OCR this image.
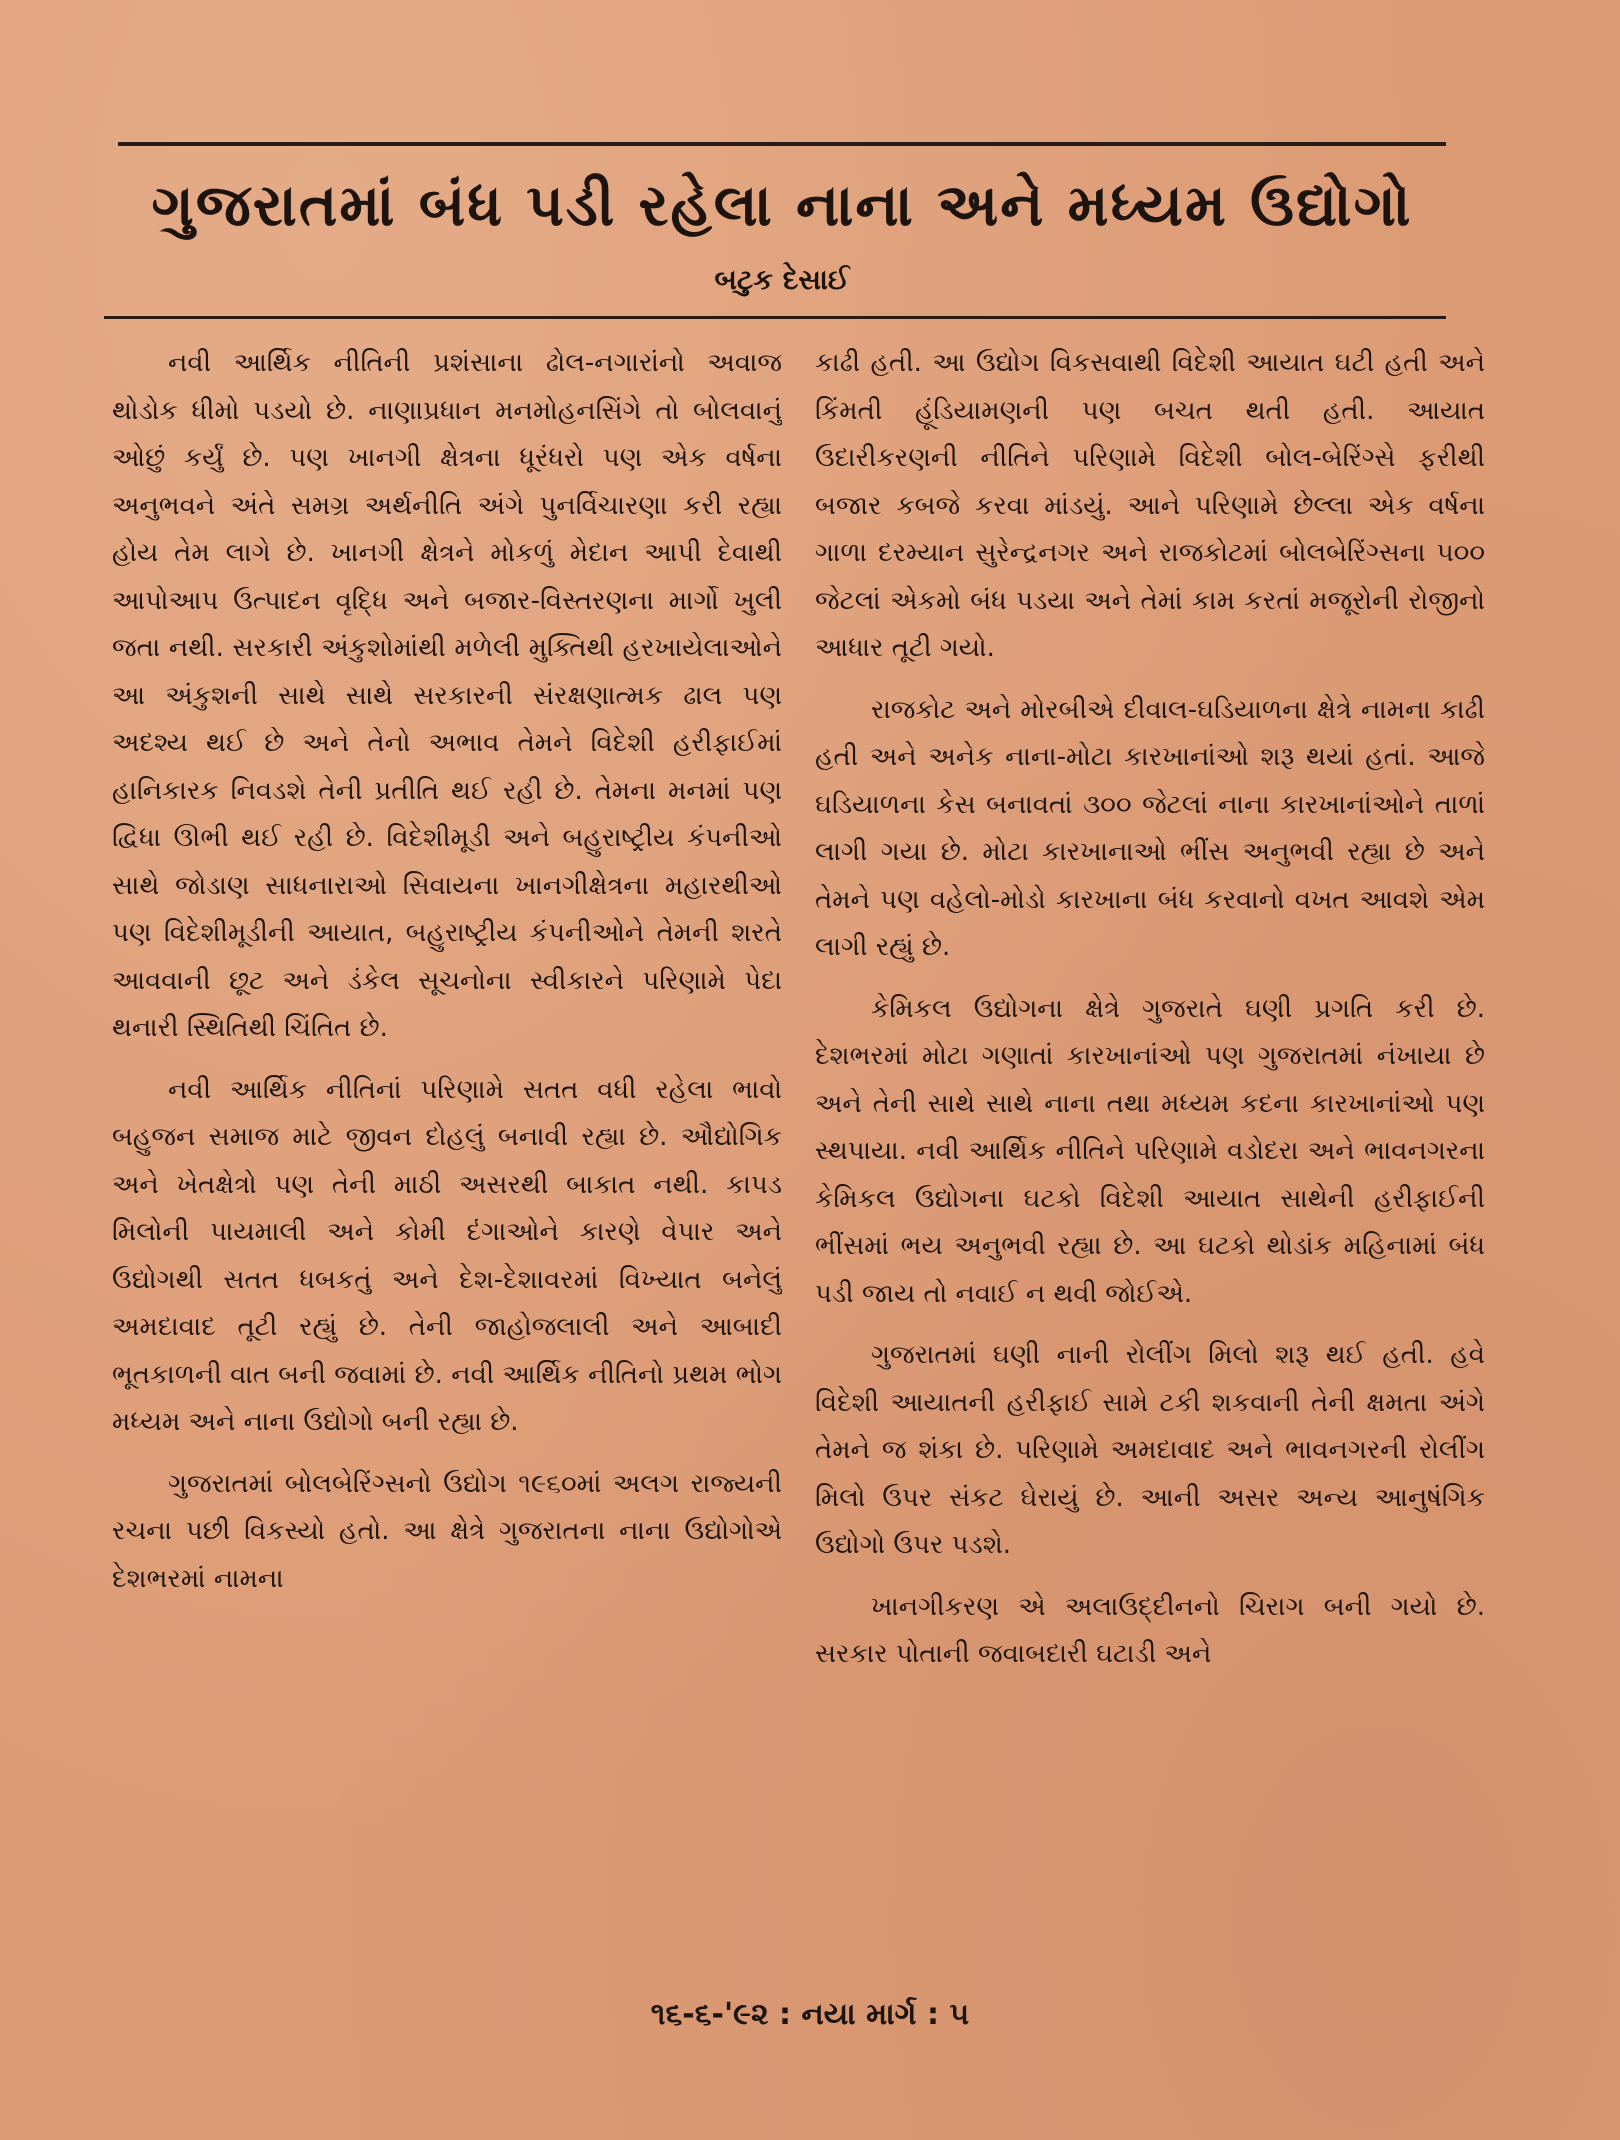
ગુજરાતમાં બંધ પડી રહેલા નાના અને મધ્યમ ઉદ્યોગો
બટુક દેસાઈ

નવી આર્થિક નીતિની પ્રશંસાના ઢોલ-નગારાંનો અવાજ થોડોક ધીમો પડયો છે. નાણાપ્રધાન મનમોહનસિંગે તો બોલવાનું ઓછું કર્યું છે. પણ ખાનગી ક્ષેત્રના ધૂરંધરો પણ એક વર્ષના અનુભવને અંતે સમગ્ર અર્થનીતિ અંગે પુનર્વિચારણા કરી રહ્યા હોય તેમ લાગે છે. ખાનગી ક્ષેત્રને મોકળું મેદાન આપી દેવાથી આપોઆપ ઉત્પાદન વૃદ્ધિ અને બજાર-વિસ્તરણના માર્ગો ખુલી જતા નથી. સરકારી અંકુશોમાંથી મળેલી મુક્તિથી હરખાયેલાઓને આ અંકુશની સાથે સાથે સરકારની સંરક્ષણાત્મક ઢાલ પણ અદશ્ય થઈ છે અને તેનો અભાવ તેમને વિદેશી હરીફાઈમાં હાનિકારક નિવડશે તેની પ્રતીતિ થઈ રહી છે. તેમના મનમાં પણ દ્વિધા ઊભી થઈ રહી છે. વિદેશીમૂડી અને બહુરાષ્ટ્રીય કંપનીઓ સાથે જોડાણ સાધનારાઓ સિવાયના ખાનગીક્ષેત્રના મહારથીઓ પણ વિદેશીમૂડીની આયાત, બહુરાષ્ટ્રીય કંપનીઓને તેમની શરતે આવવાની છૂટ અને ડંકેલ સૂચનોના સ્વીકારને પરિણામે પેદા થનારી સ્થિતિથી ચિંતિત છે.

નવી આર્થિક નીતિનાં પરિણામે સતત વધી રહેલા ભાવો બહુજન સમાજ માટે જીવન દોહલું બનાવી રહ્યા છે. ઔદ્યોગિક અને ખેતક્ષેત્રો પણ તેની માઠી અસરથી બાકાત નથી. કાપડ મિલોની પાયમાલી અને કોમી દંગાઓને કારણે વેપાર અને ઉદ્યોગથી સતત ધબકતું અને દેશ-દેશાવરમાં વિખ્યાત બનેલું અમદાવાદ તૂટી રહ્યું છે. તેની જાહોજલાલી અને આબાદી ભૂતકાળની વાત બની જવામાં છે. નવી આર્થિક નીતિનો પ્રથમ ભોગ મધ્યમ અને નાના ઉદ્યોગો બની રહ્યા છે.

ગુજરાતમાં બોલબેરિંગ્સનો ઉદ્યોગ ૧૯૬૦માં અલગ રાજ્યની રચના પછી વિકસ્યો હતો. આ ક્ષેત્રે ગુજરાતના નાના ઉદ્યોગોએ દેશભરમાં નામના

કાઢી હતી. આ ઉદ્યોગ વિકસવાથી વિદેશી આયાત ઘટી હતી અને કિંમતી હૂંડિયામણની પણ બચત થતી હતી. આયાત ઉદારીકરણની નીતિને પરિણામે વિદેશી બોલ-બેરિંગ્સે ફરીથી બજાર કબજે કરવા માંડયું. આને પરિણામે છેલ્લા એક વર્ષના ગાળા દરમ્યાન સુરેન્દ્રનગર અને રાજકોટમાં બોલબેરિંગ્સના ૫૦૦ જેટલાં એકમો બંધ પડયા અને તેમાં કામ કરતાં મજૂરોની રોજીનો આધાર તૂટી ગયો.

રાજકોટ અને મોરબીએ દીવાલ-ઘડિયાળના ક્ષેત્રે નામના કાઢી હતી અને અનેક નાના-મોટા કારખાનાંઓ શરૂ થયાં હતાં. આજે ઘડિયાળના કેસ બનાવતાં ૩૦૦ જેટલાં નાના કારખાનાંઓને તાળાં લાગી ગયા છે. મોટા કારખાનાઓ ભીંસ અનુભવી રહ્યા છે અને તેમને પણ વહેલો-મોડો કારખાના બંધ કરવાનો વખત આવશે એમ લાગી રહ્યું છે.

કેમિકલ ઉદ્યોગના ક્ષેત્રે ગુજરાતે ઘણી પ્રગતિ કરી છે. દેશભરમાં મોટા ગણાતાં કારખાનાંઓ પણ ગુજરાતમાં નંખાયા છે અને તેની સાથે સાથે નાના તથા મધ્યમ કદના કારખાનાંઓ પણ સ્થપાયા. નવી આર્થિક નીતિને પરિણામે વડોદરા અને ભાવનગરના કેમિકલ ઉદ્યોગના ઘટકો વિદેશી આયાત સાથેની હરીફાઈની ભીંસમાં ભય અનુભવી રહ્યા છે. આ ઘટકો થોડાંક મહિનામાં બંધ પડી જાય તો નવાઈ ન થવી જોઈએ.

ગુજરાતમાં ઘણી નાની રોલીંગ મિલો શરૂ થઈ હતી. હવે વિદેશી આયાતની હરીફાઈ સામે ટકી શકવાની તેની ક્ષમતા અંગે તેમને જ શંકા છે. પરિણામે અમદાવાદ અને ભાવનગરની રોલીંગ મિલો ઉપર સંકટ ઘેરાયું છે. આની અસર અન્ય આનુષંગિક ઉદ્યોગો ઉપર પડશે.

ખાનગીકરણ એ અલાઉદ્દીનનો ચિરાગ બની ગયો છે. સરકાર પોતાની જવાબદારી ઘટાડી અને

૧૬-૬-'૯૨ : નયા માર્ગ : ૫
